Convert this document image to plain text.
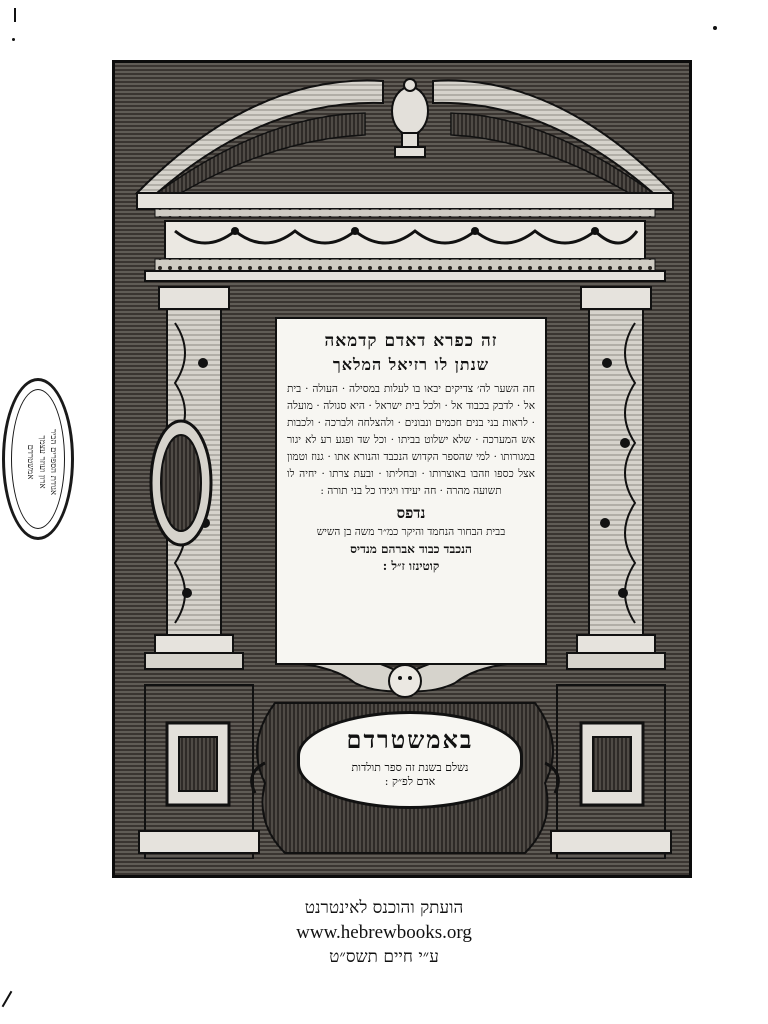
אגודת הספרים הכיר
ארון ועוזר עצמך
אמשטרדם
זה כפרא דאדם קדמאה
שנתן לו רזיאל המלאך

חה השער לה׳ צדיקים יבאו בו לעלות במסילה · העולה · בית אל · לדבק בכבוד אל · ולכל בית ישראל · היא סגולה · מועלה · לראות בני בנים חכמים ונבונים · ולהצלחה ולברכה · ולכבות אש המערכה · שלא ישלוט בביתו · וכל שד ופגע רע לא יגור במגורותו · למי שהספר הקדוש הנכבד והנורא אתו · גנוז וטמון אצל כספו וזהבו באוצרותו · ובחליתו · ובעת צרתו · יחיה לו תשועה מהרה · חה יעידו ויגידו כל בני תורה :

נדפס

בבית הבחור הנחמד והיקר כמ״ר משה בן השיש

הנכבד כבוד אברהם מנדיס
קוטינזו ז״ל :
באמשטרדם
נשלם בשנת זה ספר תולדות
אדם לפ״ק :

הועתק והוכנס לאינטרנט

www.hebrewbooks.org

ע״י חיים תשס״ט
